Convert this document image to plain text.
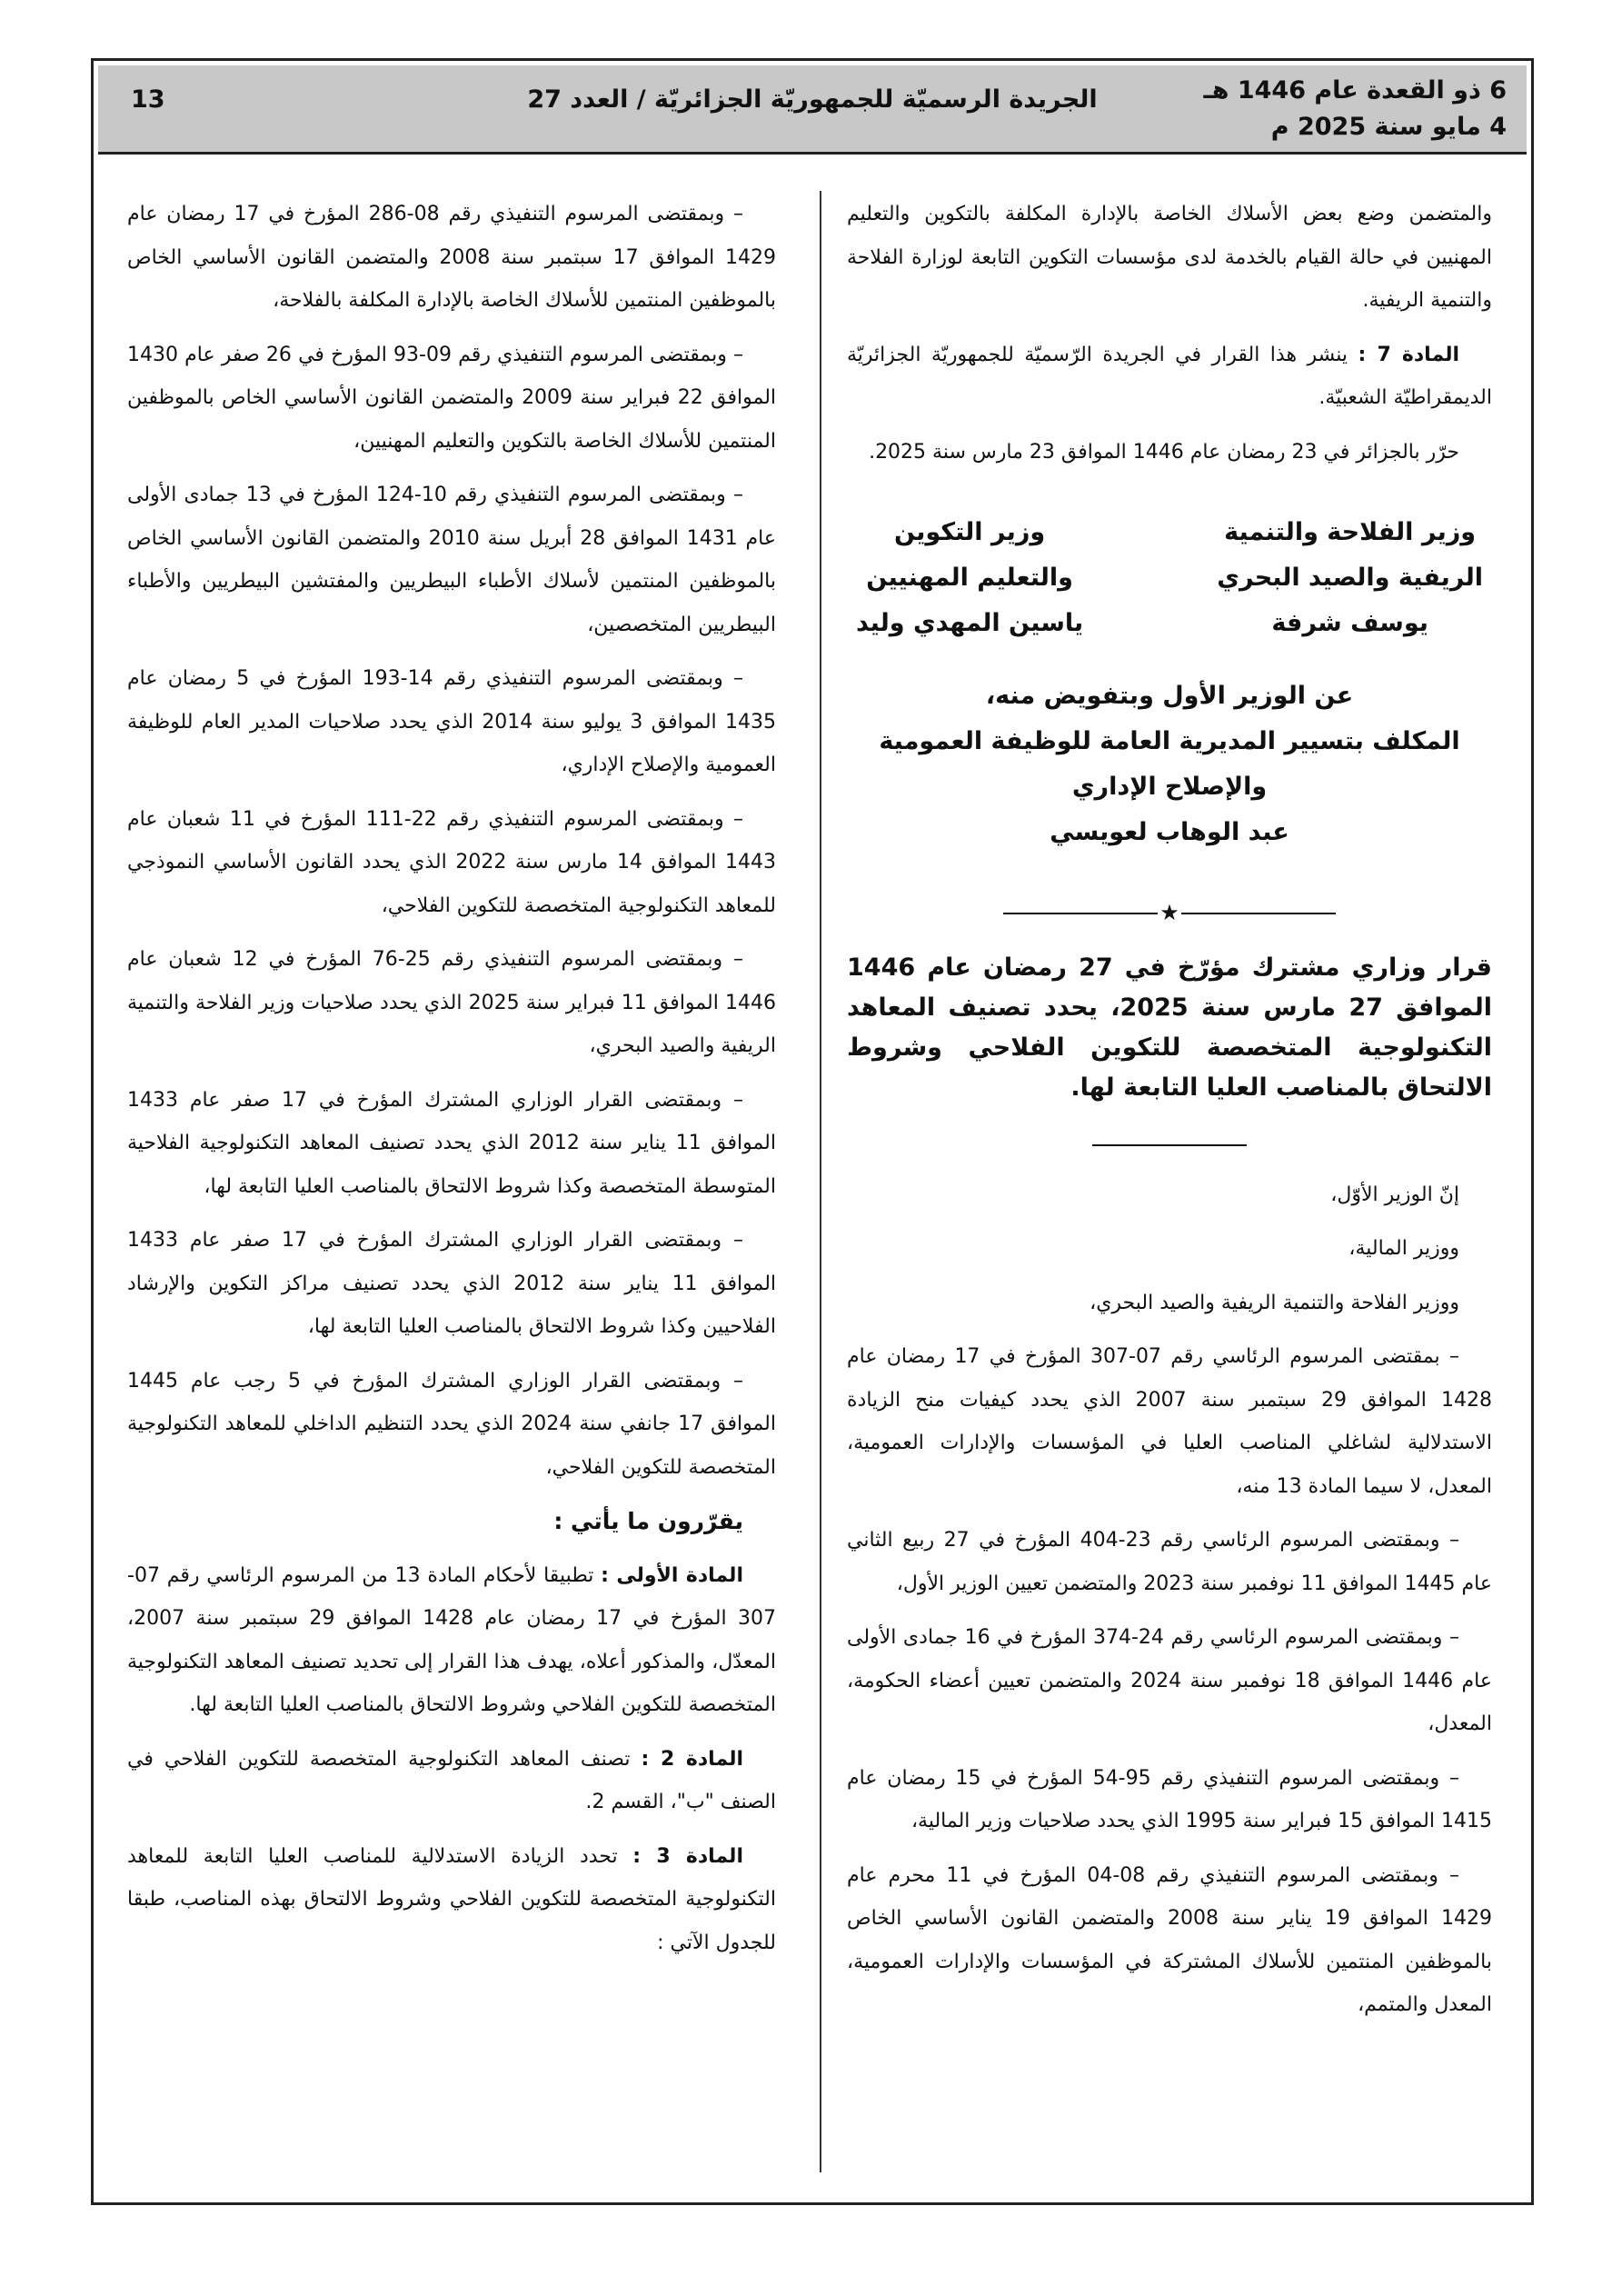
6 ذو القعدة عام 1446 هـ
4 مايو سنة 2025 م
الجريدة الرسميّة للجمهوريّة الجزائريّة / العدد 27
13

والمتضمن وضع بعض الأسلاك الخاصة بالإدارة المكلفة بالتكوين والتعليم المهنيين في حالة القيام بالخدمة لدى مؤسسات التكوين التابعة لوزارة الفلاحة والتنمية الريفية.

المادة 7 : ينشر هذا القرار في الجريدة الرّسميّة للجمهوريّة الجزائريّة الديمقراطيّة الشعبيّة.

حرّر بالجزائر في 23 رمضان عام 1446 الموافق 23 مارس سنة 2025.

وزير الفلاحة والتنمية
الريفية والصيد البحري
يوسف شرفة
وزير التكوين
والتعليم المهنيين
ياسين المهدي وليد
عن الوزير الأول وبتفويض منه،
المكلف بتسيير المديرية العامة للوظيفة العمومية
والإصلاح الإداري
عبد الوهاب لعويسي
★

قرار وزاري مشترك مؤرّخ في 27 رمضان عام 1446 الموافق 27 مارس سنة 2025، يحدد تصنيف المعاهد التكنولوجية المتخصصة للتكوين الفلاحي وشروط الالتحاق بالمناصب العليا التابعة لها.

إنّ الوزير الأوّل،

ووزير المالية،

ووزير الفلاحة والتنمية الريفية والصيد البحري،

– بمقتضى المرسوم الرئاسي رقم 07-307 المؤرخ في 17 رمضان عام 1428 الموافق 29 سبتمبر سنة 2007 الذي يحدد كيفيات منح الزيادة الاستدلالية لشاغلي المناصب العليا في المؤسسات والإدارات العمومية، المعدل، لا سيما المادة 13 منه،

– وبمقتضى المرسوم الرئاسي رقم 23-404 المؤرخ في 27 ربيع الثاني عام 1445 الموافق 11 نوفمبر سنة 2023 والمتضمن تعيين الوزير الأول،

– وبمقتضى المرسوم الرئاسي رقم 24-374 المؤرخ في 16 جمادى الأولى عام 1446 الموافق 18 نوفمبر سنة 2024 والمتضمن تعيين أعضاء الحكومة، المعدل،

– وبمقتضى المرسوم التنفيذي رقم 95-54 المؤرخ في 15 رمضان عام 1415 الموافق 15 فبراير سنة 1995 الذي يحدد صلاحيات وزير المالية،

– وبمقتضى المرسوم التنفيذي رقم 08-04 المؤرخ في 11 محرم عام 1429 الموافق 19 يناير سنة 2008 والمتضمن القانون الأساسي الخاص بالموظفين المنتمين للأسلاك المشتركة في المؤسسات والإدارات العمومية، المعدل والمتمم،

– وبمقتضى المرسوم التنفيذي رقم 08-286 المؤرخ في 17 رمضان عام 1429 الموافق 17 سبتمبر سنة 2008 والمتضمن القانون الأساسي الخاص بالموظفين المنتمين للأسلاك الخاصة بالإدارة المكلفة بالفلاحة،

– وبمقتضى المرسوم التنفيذي رقم 09-93 المؤرخ في 26 صفر عام 1430 الموافق 22 فبراير سنة 2009 والمتضمن القانون الأساسي الخاص بالموظفين المنتمين للأسلاك الخاصة بالتكوين والتعليم المهنيين،

– وبمقتضى المرسوم التنفيذي رقم 10-124 المؤرخ في 13 جمادى الأولى عام 1431 الموافق 28 أبريل سنة 2010 والمتضمن القانون الأساسي الخاص بالموظفين المنتمين لأسلاك الأطباء البيطريين والمفتشين البيطريين والأطباء البيطريين المتخصصين،

– وبمقتضى المرسوم التنفيذي رقم 14-193 المؤرخ في 5 رمضان عام 1435 الموافق 3 يوليو سنة 2014 الذي يحدد صلاحيات المدير العام للوظيفة العمومية والإصلاح الإداري،

– وبمقتضى المرسوم التنفيذي رقم 22-111 المؤرخ في 11 شعبان عام 1443 الموافق 14 مارس سنة 2022 الذي يحدد القانون الأساسي النموذجي للمعاهد التكنولوجية المتخصصة للتكوين الفلاحي،

– وبمقتضى المرسوم التنفيذي رقم 25-76 المؤرخ في 12 شعبان عام 1446 الموافق 11 فبراير سنة 2025 الذي يحدد صلاحيات وزير الفلاحة والتنمية الريفية والصيد البحري،

– وبمقتضى القرار الوزاري المشترك المؤرخ في 17 صفر عام 1433 الموافق 11 يناير سنة 2012 الذي يحدد تصنيف المعاهد التكنولوجية الفلاحية المتوسطة المتخصصة وكذا شروط الالتحاق بالمناصب العليا التابعة لها،

– وبمقتضى القرار الوزاري المشترك المؤرخ في 17 صفر عام 1433 الموافق 11 يناير سنة 2012 الذي يحدد تصنيف مراكز التكوين والإرشاد الفلاحيين وكذا شروط الالتحاق بالمناصب العليا التابعة لها،

– وبمقتضى القرار الوزاري المشترك المؤرخ في 5 رجب عام 1445 الموافق 17 جانفي سنة 2024 الذي يحدد التنظيم الداخلي للمعاهد التكنولوجية المتخصصة للتكوين الفلاحي،

يقرّرون ما يأتي :

المادة الأولى : تطبيقا لأحكام المادة 13 من المرسوم الرئاسي رقم 07-307 المؤرخ في 17 رمضان عام 1428 الموافق 29 سبتمبر سنة 2007، المعدّل، والمذكور أعلاه، يهدف هذا القرار إلى تحديد تصنيف المعاهد التكنولوجية المتخصصة للتكوين الفلاحي وشروط الالتحاق بالمناصب العليا التابعة لها.

المادة 2 : تصنف المعاهد التكنولوجية المتخصصة للتكوين الفلاحي في الصنف "ب"، القسم 2.

المادة 3 : تحدد الزيادة الاستدلالية للمناصب العليا التابعة للمعاهد التكنولوجية المتخصصة للتكوين الفلاحي وشروط الالتحاق بهذه المناصب، طبقا للجدول الآتي :
